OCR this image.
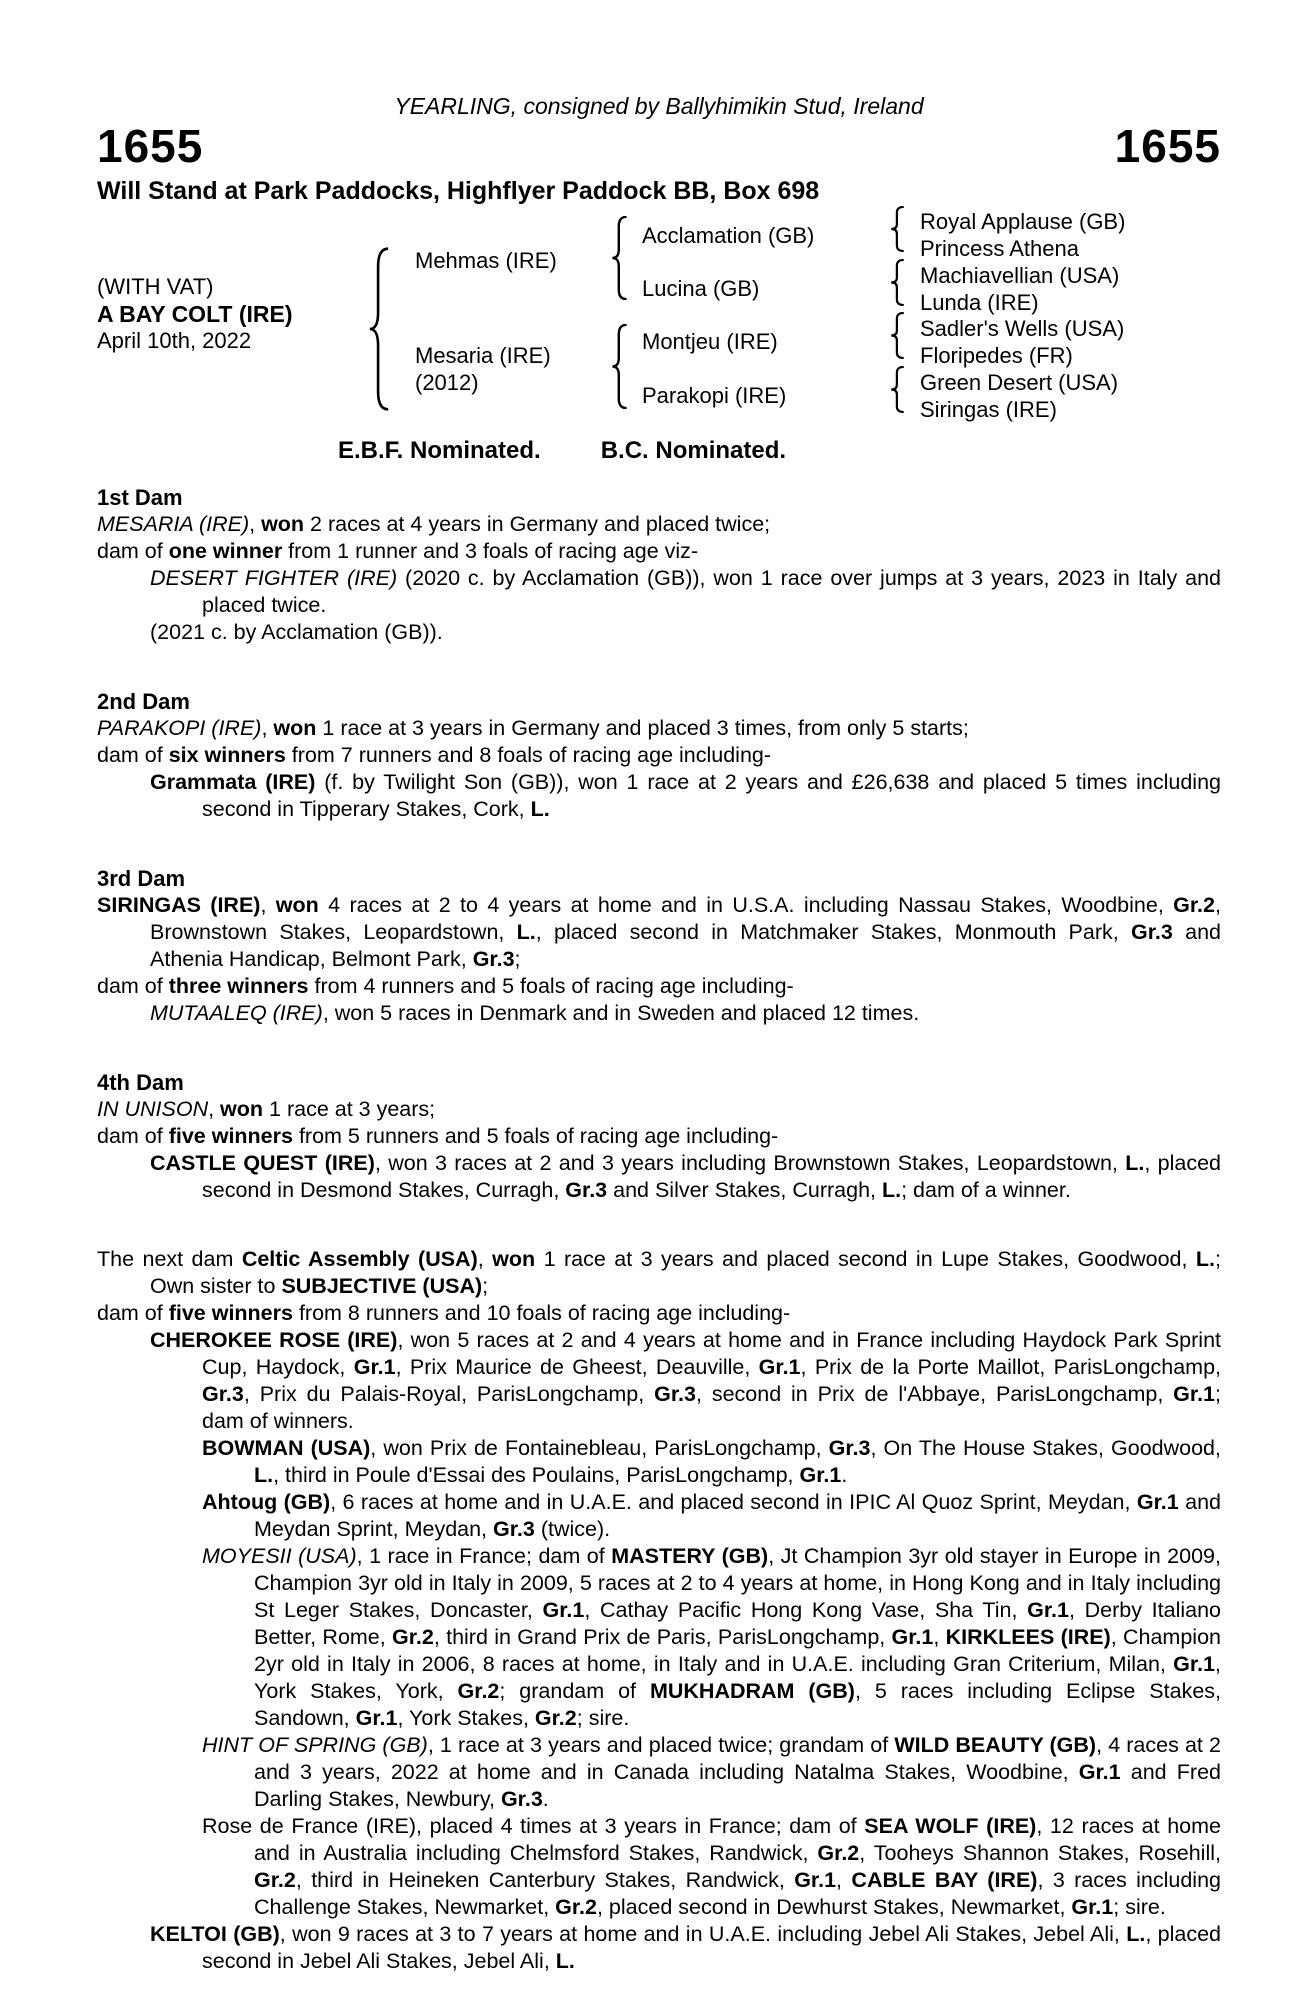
YEARLING, consigned by Ballyhimikin Stud, Ireland
1655	1655
Will Stand at Park Paddocks, Highflyer Paddock BB, Box 698
(WITH VAT)
A BAY COLT (IRE)
April 10th, 2022
Mehmas (IRE)
Mesaria (IRE)
(2012)
Acclamation (GB)
Lucina (GB)
Montjeu (IRE)
Parakopi (IRE)
Royal Applause (GB)
Princess Athena
Machiavellian (USA)
Lunda (IRE)
Sadler's Wells (USA)
Floripedes (FR)
Green Desert (USA)
Siringas (IRE)
E.B.F. Nominated.	B.C. Nominated.
1st Dam
MESARIA (IRE), won 2 races at 4 years in Germany and placed twice;
dam of one winner from 1 runner and 3 foals of racing age viz-
DESERT FIGHTER (IRE) (2020 c. by Acclamation (GB)), won 1 race over jumps at 3 years, 2023 in Italy and placed twice.
(2021 c. by Acclamation (GB)).
2nd Dam
PARAKOPI (IRE), won 1 race at 3 years in Germany and placed 3 times, from only 5 starts;
dam of six winners from 7 runners and 8 foals of racing age including-
Grammata (IRE) (f. by Twilight Son (GB)), won 1 race at 2 years and £26,638 and placed 5 times including second in Tipperary Stakes, Cork, L.
3rd Dam
SIRINGAS (IRE), won 4 races at 2 to 4 years at home and in U.S.A. including Nassau Stakes, Woodbine, Gr.2, Brownstown Stakes, Leopardstown, L., placed second in Matchmaker Stakes, Monmouth Park, Gr.3 and Athenia Handicap, Belmont Park, Gr.3;
dam of three winners from 4 runners and 5 foals of racing age including-
MUTAALEQ (IRE), won 5 races in Denmark and in Sweden and placed 12 times.
4th Dam
IN UNISON, won 1 race at 3 years;
dam of five winners from 5 runners and 5 foals of racing age including-
CASTLE QUEST (IRE), won 3 races at 2 and 3 years including Brownstown Stakes, Leopardstown, L., placed second in Desmond Stakes, Curragh, Gr.3 and Silver Stakes, Curragh, L.; dam of a winner.
The next dam Celtic Assembly (USA), won 1 race at 3 years and placed second in Lupe Stakes, Goodwood, L.; Own sister to SUBJECTIVE (USA);
dam of five winners from 8 runners and 10 foals of racing age including-
CHEROKEE ROSE (IRE), won 5 races at 2 and 4 years at home and in France including Haydock Park Sprint Cup, Haydock, Gr.1, Prix Maurice de Gheest, Deauville, Gr.1, Prix de la Porte Maillot, ParisLongchamp, Gr.3, Prix du Palais-Royal, ParisLongchamp, Gr.3, second in Prix de l'Abbaye, ParisLongchamp, Gr.1; dam of winners.
BOWMAN (USA), won Prix de Fontainebleau, ParisLongchamp, Gr.3, On The House Stakes, Goodwood, L., third in Poule d'Essai des Poulains, ParisLongchamp, Gr.1.
Ahtoug (GB), 6 races at home and in U.A.E. and placed second in IPIC Al Quoz Sprint, Meydan, Gr.1 and Meydan Sprint, Meydan, Gr.3 (twice).
MOYESII (USA), 1 race in France; dam of MASTERY (GB), Jt Champion 3yr old stayer in Europe in 2009, Champion 3yr old in Italy in 2009, 5 races at 2 to 4 years at home, in Hong Kong and in Italy including St Leger Stakes, Doncaster, Gr.1, Cathay Pacific Hong Kong Vase, Sha Tin, Gr.1, Derby Italiano Better, Rome, Gr.2, third in Grand Prix de Paris, ParisLongchamp, Gr.1, KIRKLEES (IRE), Champion 2yr old in Italy in 2006, 8 races at home, in Italy and in U.A.E. including Gran Criterium, Milan, Gr.1, York Stakes, York, Gr.2; grandam of MUKHADRAM (GB), 5 races including Eclipse Stakes, Sandown, Gr.1, York Stakes, Gr.2; sire.
HINT OF SPRING (GB), 1 race at 3 years and placed twice; grandam of WILD BEAUTY (GB), 4 races at 2 and 3 years, 2022 at home and in Canada including Natalma Stakes, Woodbine, Gr.1 and Fred Darling Stakes, Newbury, Gr.3.
Rose de France (IRE), placed 4 times at 3 years in France; dam of SEA WOLF (IRE), 12 races at home and in Australia including Chelmsford Stakes, Randwick, Gr.2, Tooheys Shannon Stakes, Rosehill, Gr.2, third in Heineken Canterbury Stakes, Randwick, Gr.1, CABLE BAY (IRE), 3 races including Challenge Stakes, Newmarket, Gr.2, placed second in Dewhurst Stakes, Newmarket, Gr.1; sire.
KELTOI (GB), won 9 races at 3 to 7 years at home and in U.A.E. including Jebel Ali Stakes, Jebel Ali, L., placed second in Jebel Ali Stakes, Jebel Ali, L.
